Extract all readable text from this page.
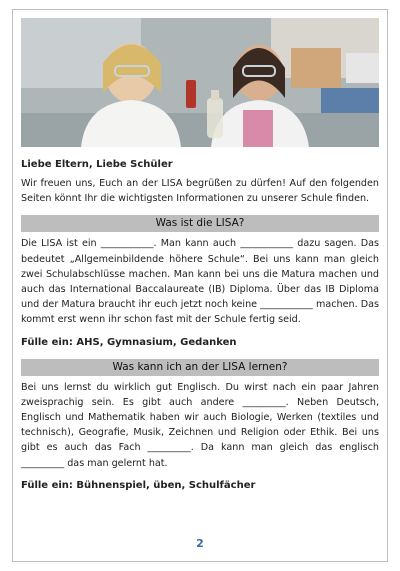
Liebe Eltern, Liebe Schüler

Wir freuen uns, Euch an der LISA begrüßen zu dürfen! Auf den folgenden Seiten könnt Ihr die wichtigsten Informationen zu unserer Schule finden.

Was ist die LISA?

Die LISA ist ein ___________. Man kann auch ___________ dazu sagen. Das bedeutet „Allgemeinbildende höhere Schule“. Bei uns kann man gleich zwei Schulabschlüsse machen. Man kann bei uns die Matura machen und auch das International Baccalaureate (IB) Diploma. Über das IB Diploma und der Matura braucht ihr euch jetzt noch keine ___________ machen. Das kommt erst wenn ihr schon fast mit der Schule fertig seid.

Fülle ein: AHS, Gymnasium, Gedanken
Was kann ich an der LISA lernen?

Bei uns lernst du wirklich gut Englisch. Du wirst nach ein paar Jahren zweisprachig sein. Es gibt auch andere _________. Neben Deutsch, Englisch und Mathematik haben wir auch Biologie, Werken (textiles und technisch), Geografie, Musik, Zeichnen und Religion oder Ethik. Bei uns gibt es auch das Fach _________. Da kann man gleich das englisch _________ das man gelernt hat.

Fülle ein: Bühnenspiel, üben, Schulfächer
2
